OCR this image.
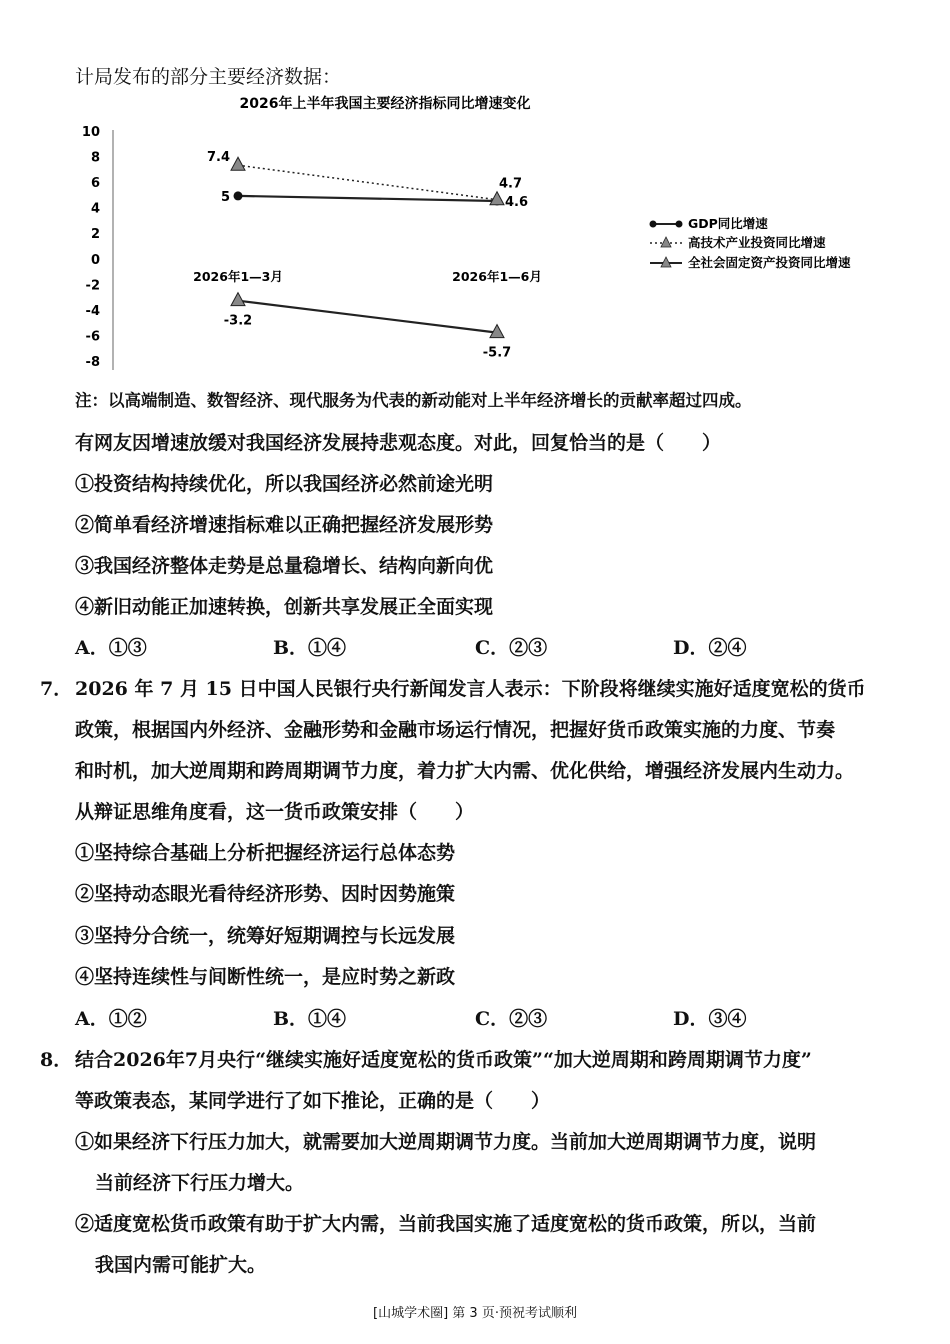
计局发布的部分主要经济数据：
2026年上半年我国主要经济指标同比增速变化
10
8
6
4
2
0
-2
-4
-6
-8
5	4.6
7.4
4.7
-3.2
-5.7
2026年1—3月	2026年1—6月
GDP同比增速
高技术产业投资同比增速
全社会固定资产投资同比增速
注：以高端制造、数智经济、现代服务为代表的新动能对上半年经济增长的贡献率超过四成。
有网友因增速放缓对我国经济发展持悲观态度。对此，回复恰当的是（　　）
①投资结构持续优化，所以我国经济必然前途光明
②简单看经济增速指标难以正确把握经济发展形势
③我国经济整体走势是总量稳增长、结构向新向优
④新旧动能正加速转换，创新共享发展正全面实现
A．①③	B．①④	C．②③	D．②④
7． 2026 年 7 月 15 日中国人民银行央行新闻发言人表示：下阶段将继续实施好适度宽松的货币
政策，根据国内外经济、金融形势和金融市场运行情况，把握好货币政策实施的力度、节奏
和时机，加大逆周期和跨周期调节力度，着力扩大内需、优化供给，增强经济发展内生动力。
从辩证思维角度看，这一货币政策安排（　　）
①坚持综合基础上分析把握经济运行总体态势
②坚持动态眼光看待经济形势、因时因势施策
③坚持分合统一，统筹好短期调控与长远发展
④坚持连续性与间断性统一，是应时势之新政
A．①②	B．①④	C．②③	D．③④
8． 结合2026年7月央行“继续实施好适度宽松的货币政策”“加大逆周期和跨周期调节力度”
等政策表态，某同学进行了如下推论，正确的是（　　）
①如果经济下行压力加大，就需要加大逆周期调节力度。当前加大逆周期调节力度，说明
当前经济下行压力增大。
②适度宽松货币政策有助于扩大内需，当前我国实施了适度宽松的货币政策，所以，当前
我国内需可能扩大。
[山城学术圈] 第 3 页·预祝考试顺利
